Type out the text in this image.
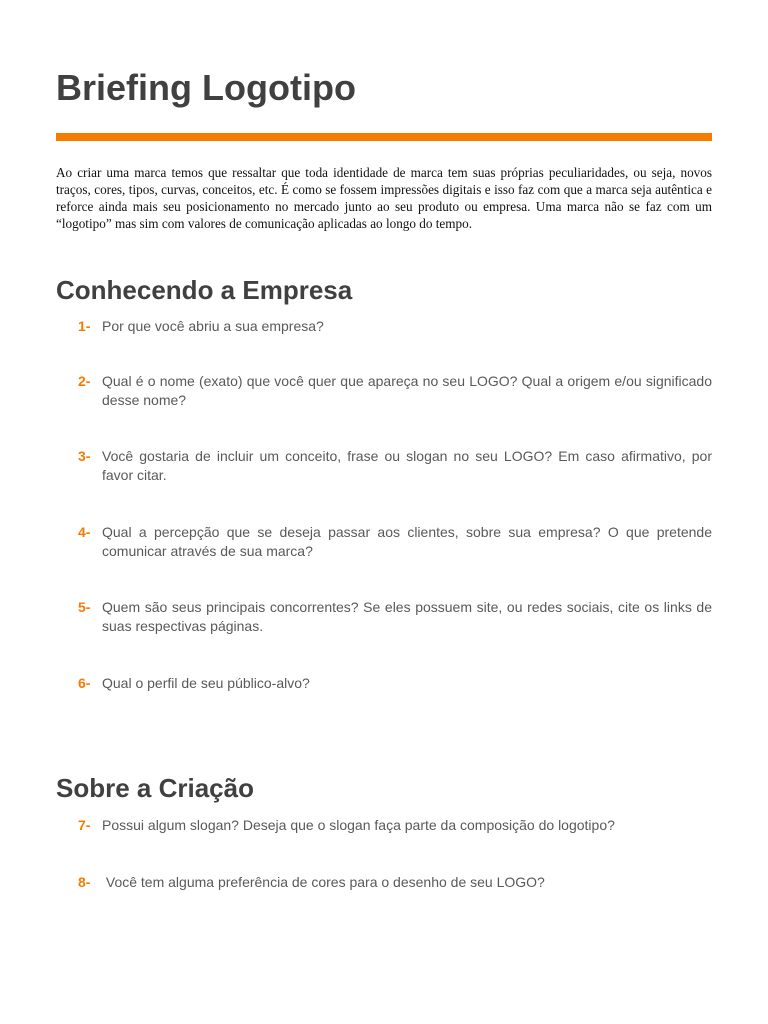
Briefing Logotipo

Ao criar uma marca temos que ressaltar que toda identidade de marca tem suas próprias peculiaridades, ou seja, novos traços, cores, tipos, curvas, conceitos, etc. É como se fossem impressões digitais e isso faz com que a marca seja autêntica e reforce ainda mais seu posicionamento no mercado junto ao seu produto ou empresa. Uma marca não se faz com um “logotipo” mas sim com valores de comunicação aplicadas ao longo do tempo.

Conhecendo a Empresa
1- Por que você abriu a sua empresa?
2- Qual é o nome (exato) que você quer que apareça no seu LOGO? Qual a origem e/ou significado desse nome?
3- Você gostaria de incluir um conceito, frase ou slogan no seu LOGO? Em caso afirmativo, por favor citar.
4- Qual a percepção que se deseja passar aos clientes, sobre sua empresa? O que pretende comunicar através de sua marca?
5- Quem são seus principais concorrentes? Se eles possuem site, ou redes sociais, cite os links de suas respectivas páginas.
6- Qual o perfil de seu público-alvo?
Sobre a Criação
7- Possui algum slogan? Deseja que o slogan faça parte da composição do logotipo?
8- Você tem alguma preferência de cores para o desenho de seu LOGO?
